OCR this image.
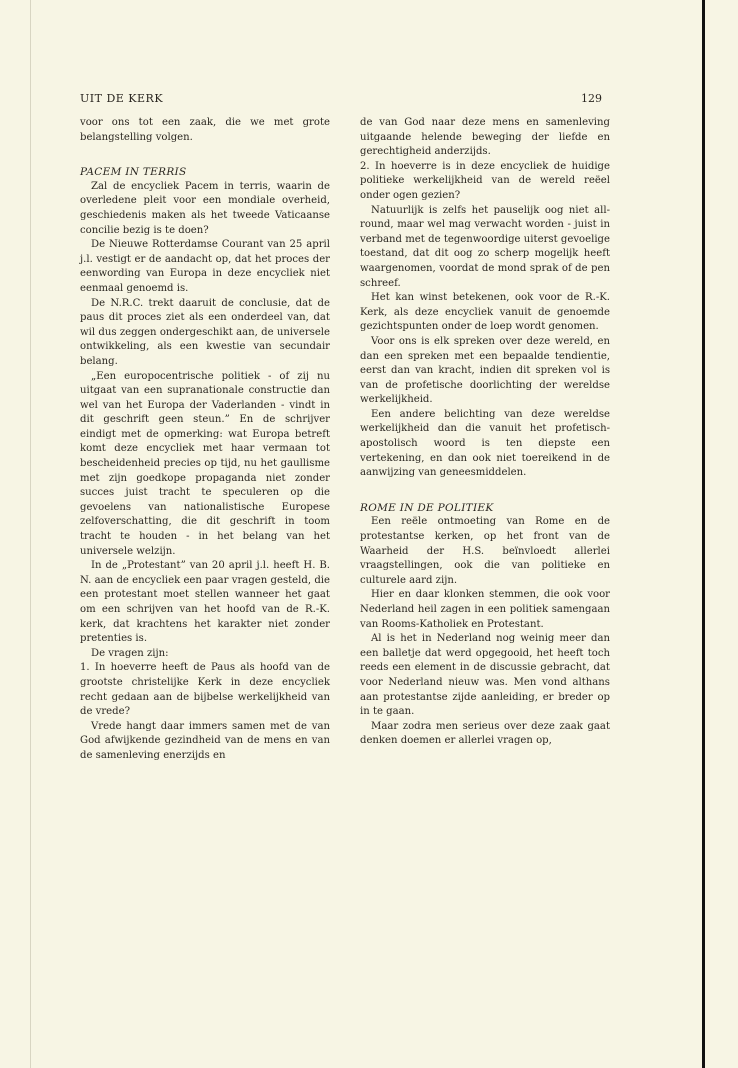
UIT DE KERK	129

voor ons tot een zaak, die we met grote belangstelling volgen.

PACEM IN TERRIS

Zal de encycliek Pacem in terris, waarin de overledene pleit voor een mondiale overheid, geschiedenis maken als het tweede Vaticaanse concilie bezig is te doen?

De Nieuwe Rotterdamse Courant van 25 april j.l. vestigt er de aandacht op, dat het proces der eenwording van Europa in deze encycliek niet eenmaal genoemd is.

De N.R.C. trekt daaruit de conclusie, dat de paus dit proces ziet als een onderdeel van, dat wil dus zeggen ondergeschikt aan, de universele ontwikkeling, als een kwestie van secundair belang.

„Een europocentrische politiek - of zij nu uitgaat van een supranationale constructie dan wel van het Europa der Vaderlanden - vindt in dit geschrift geen steun.” En de schrijver eindigt met de opmerking: wat Europa betreft komt deze encycliek met haar vermaan tot bescheidenheid precies op tijd, nu het gaullisme met zijn goedkope propaganda niet zonder succes juist tracht te speculeren op die gevoelens van nationalistische Europese zelfoverschatting, die dit geschrift in toom tracht te houden - in het belang van het universele welzijn.

In de „Protestant” van 20 april j.l. heeft H. B. N. aan de encycliek een paar vragen gesteld, die een protestant moet stellen wanneer het gaat om een schrijven van het hoofd van de R.-K. kerk, dat krachtens het karakter niet zonder pretenties is.

De vragen zijn:

1. In hoeverre heeft de Paus als hoofd van de grootste christelijke Kerk in deze encycliek recht gedaan aan de bijbelse werkelijkheid van de vrede?

Vrede hangt daar immers samen met de van God afwijkende gezindheid van de mens en van de samenleving enerzijds en

de van God naar deze mens en samenleving uitgaande helende beweging der liefde en gerechtigheid anderzijds.

2. In hoeverre is in deze encycliek de huidige politieke werkelijkheid van de wereld reëel onder ogen gezien?

Natuurlijk is zelfs het pauselijk oog niet all-round, maar wel mag verwacht worden - juist in verband met de tegenwoordige uiterst gevoelige toestand, dat dit oog zo scherp mogelijk heeft waargenomen, voordat de mond sprak of de pen schreef.

Het kan winst betekenen, ook voor de R.-K. Kerk, als deze encycliek vanuit de genoemde gezichtspunten onder de loep wordt genomen.

Voor ons is elk spreken over deze wereld, en dan een spreken met een bepaalde tendientie, eerst dan van kracht, indien dit spreken vol is van de profetische doorlichting der wereldse werkelijkheid.

Een andere belichting van deze wereldse werkelijkheid dan die vanuit het profetisch-apostolisch woord is ten diepste een vertekening, en dan ook niet toereikend in de aanwijzing van geneesmiddelen.

ROME IN DE POLITIEK

Een reële ontmoeting van Rome en de protestantse kerken, op het front van de Waarheid der H.S. beïnvloedt allerlei vraagstellingen, ook die van politieke en culturele aard zijn.

Hier en daar klonken stemmen, die ook voor Nederland heil zagen in een politiek samengaan van Rooms-Katholiek en Protestant.

Al is het in Nederland nog weinig meer dan een balletje dat werd opgegooid, het heeft toch reeds een element in de discussie gebracht, dat voor Nederland nieuw was. Men vond althans aan protestantse zijde aanleiding, er breder op in te gaan.

Maar zodra men serieus over deze zaak gaat denken doemen er allerlei vragen op,
